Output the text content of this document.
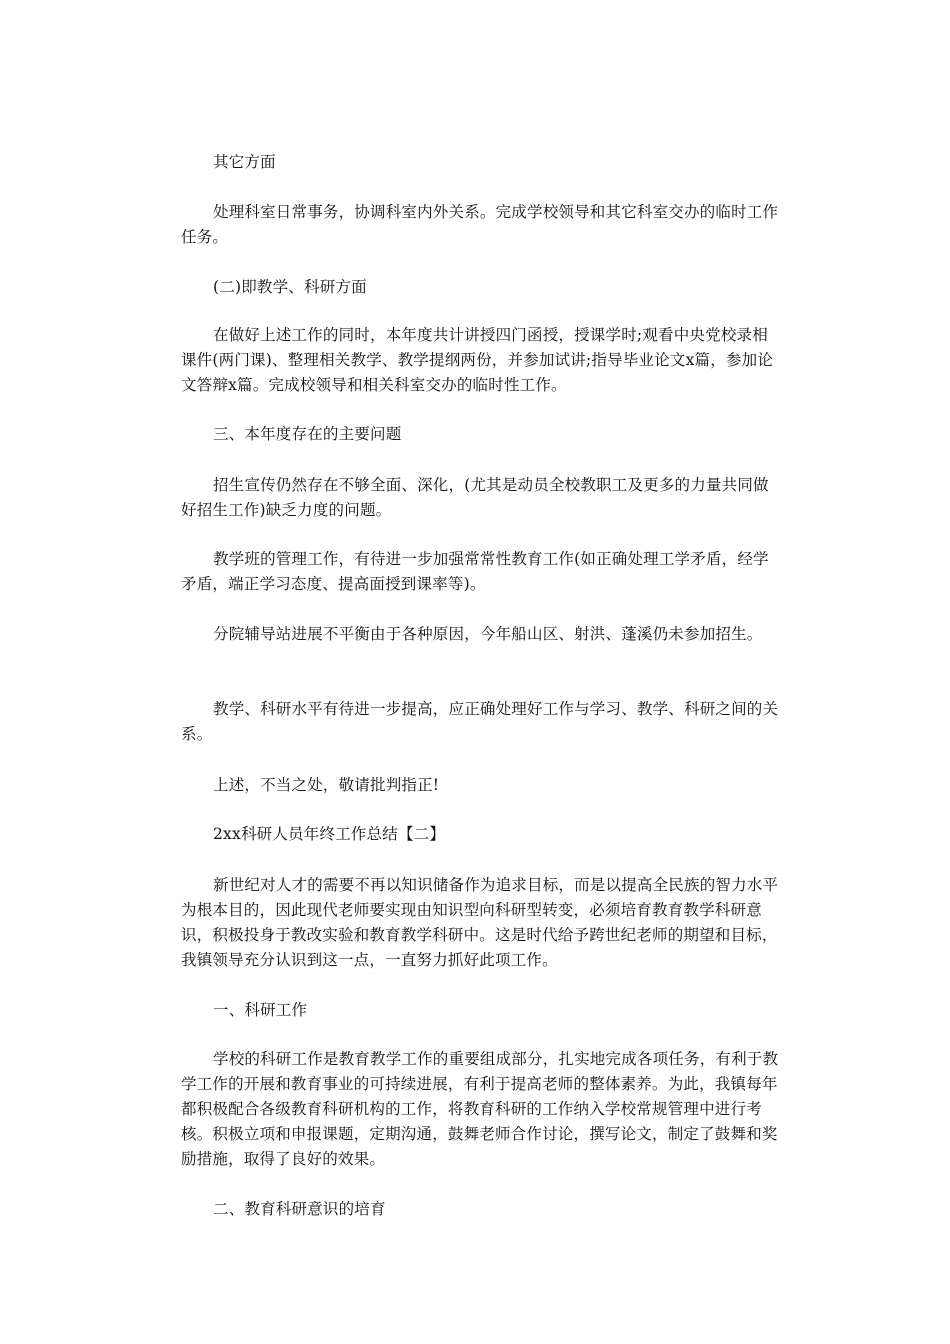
其它方面

处理科室日常事务，协调科室内外关系。完成学校领导和其它科室交办的临时工作任务。

(二)即教学、科研方面

在做好上述工作的同时，本年度共计讲授四门函授，授课学时;观看中央党校录相课件(两门课)、整理相关教学、教学提纲两份，并参加试讲;指导毕业论文x篇，参加论文答辩x篇。完成校领导和相关科室交办的临时性工作。

三、本年度存在的主要问题

招生宣传仍然存在不够全面、深化，(尤其是动员全校教职工及更多的力量共同做好招生工作)缺乏力度的问题。

教学班的管理工作，有待进一步加强常常性教育工作(如正确处理工学矛盾，经学矛盾，端正学习态度、提高面授到课率等)。

分院辅导站进展不平衡由于各种原因，今年船山区、射洪、蓬溪仍未参加招生。

教学、科研水平有待进一步提高，应正确处理好工作与学习、教学、科研之间的关系。

上述，不当之处，敬请批判指正!

2xx科研人员年终工作总结【二】

新世纪对人才的需要不再以知识储备作为追求目标，而是以提高全民族的智力水平为根本目的，因此现代老师要实现由知识型向科研型转变，必须培育教育教学科研意识，积极投身于教改实验和教育教学科研中。这是时代给予跨世纪老师的期望和目标，我镇领导充分认识到这一点，一直努力抓好此项工作。

一、科研工作

学校的科研工作是教育教学工作的重要组成部分，扎实地完成各项任务，有利于教学工作的开展和教育事业的可持续进展，有利于提高老师的整体素养。为此，我镇每年都积极配合各级教育科研机构的工作，将教育科研的工作纳入学校常规管理中进行考核。积极立项和申报课题，定期沟通，鼓舞老师合作讨论，撰写论文，制定了鼓舞和奖励措施，取得了良好的效果。

二、教育科研意识的培育
